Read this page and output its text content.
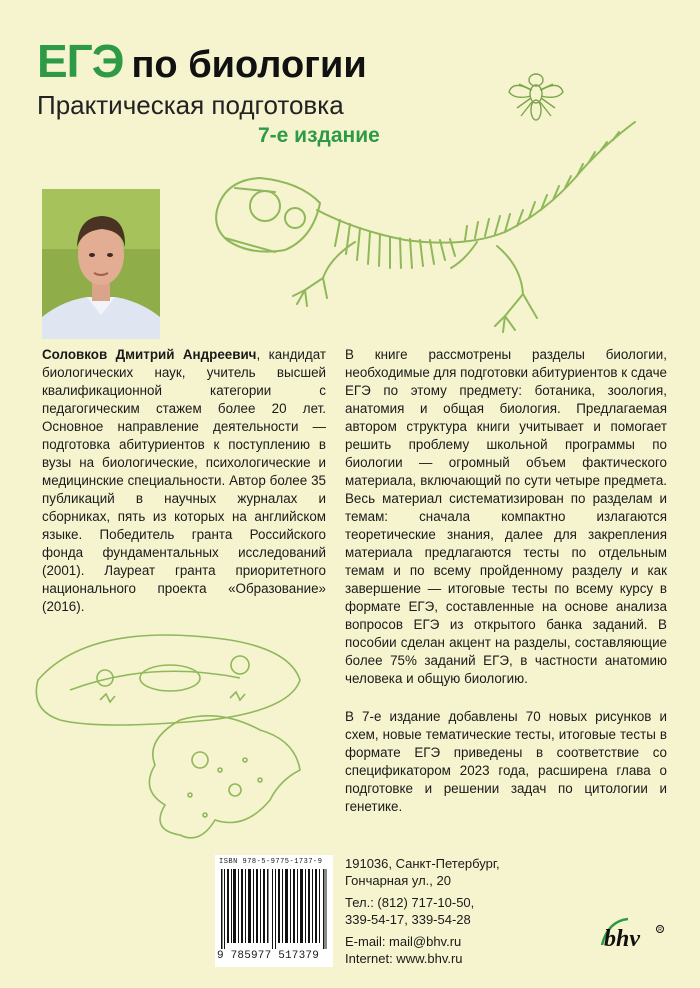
ЕГЭ по биологии
Практическая подготовка
7-е издание
Соловков Дмитрий Андреевич, кандидат биологических наук, учитель высшей квалификационной категории с педагогическим стажем более 20 лет. Основное направление деятельности — подготовка абитуриентов к поступлению в вузы на биологические, психологические и медицинские специальности. Автор более 35 публикаций в научных журналах и сборниках, пять из которых на английском языке. Победитель гранта Российского фонда фундаментальных исследований (2001). Лауреат гранта приоритетного национального проекта «Образование» (2016).

В книге рассмотрены разделы биологии, необходимые для подготовки абитуриентов к сдаче ЕГЭ по этому предмету: ботаника, зоология, анатомия и общая биология. Предлагаемая автором структура книги учитывает и помогает решить проблему школьной программы по биологии — огромный объем фактического материала, включающий по сути четыре предмета. Весь материал систематизирован по разделам и темам: сначала компактно излагаются теоретические знания, далее для закрепления материала предлагаются тесты по отдельным темам и по всему пройденному разделу и как завершение — итоговые тесты по всему курсу в формате ЕГЭ, составленные на основе анализа вопросов ЕГЭ из открытого банка заданий. В пособии сделан акцент на разделы, составляющие более 75% заданий ЕГЭ, в частности анатомию человека и общую биологию.

В 7-е издание добавлены 70 новых рисунков и схем, новые тематические тесты, итоговые тесты в формате ЕГЭ приведены в соответствие со спецификатором 2023 года, расширена глава о подготовке и решении задач по цитологии и генетике.

ISBN 978-5-9775-1737-9
9 785977 517379
191036, Санкт-Петербург,
Гончарная ул., 20
Тел.: (812) 717-10-50,
339-54-17, 339-54-28
E-mail: mail@bhv.ru
Internet: www.bhv.ru
bhv	R
